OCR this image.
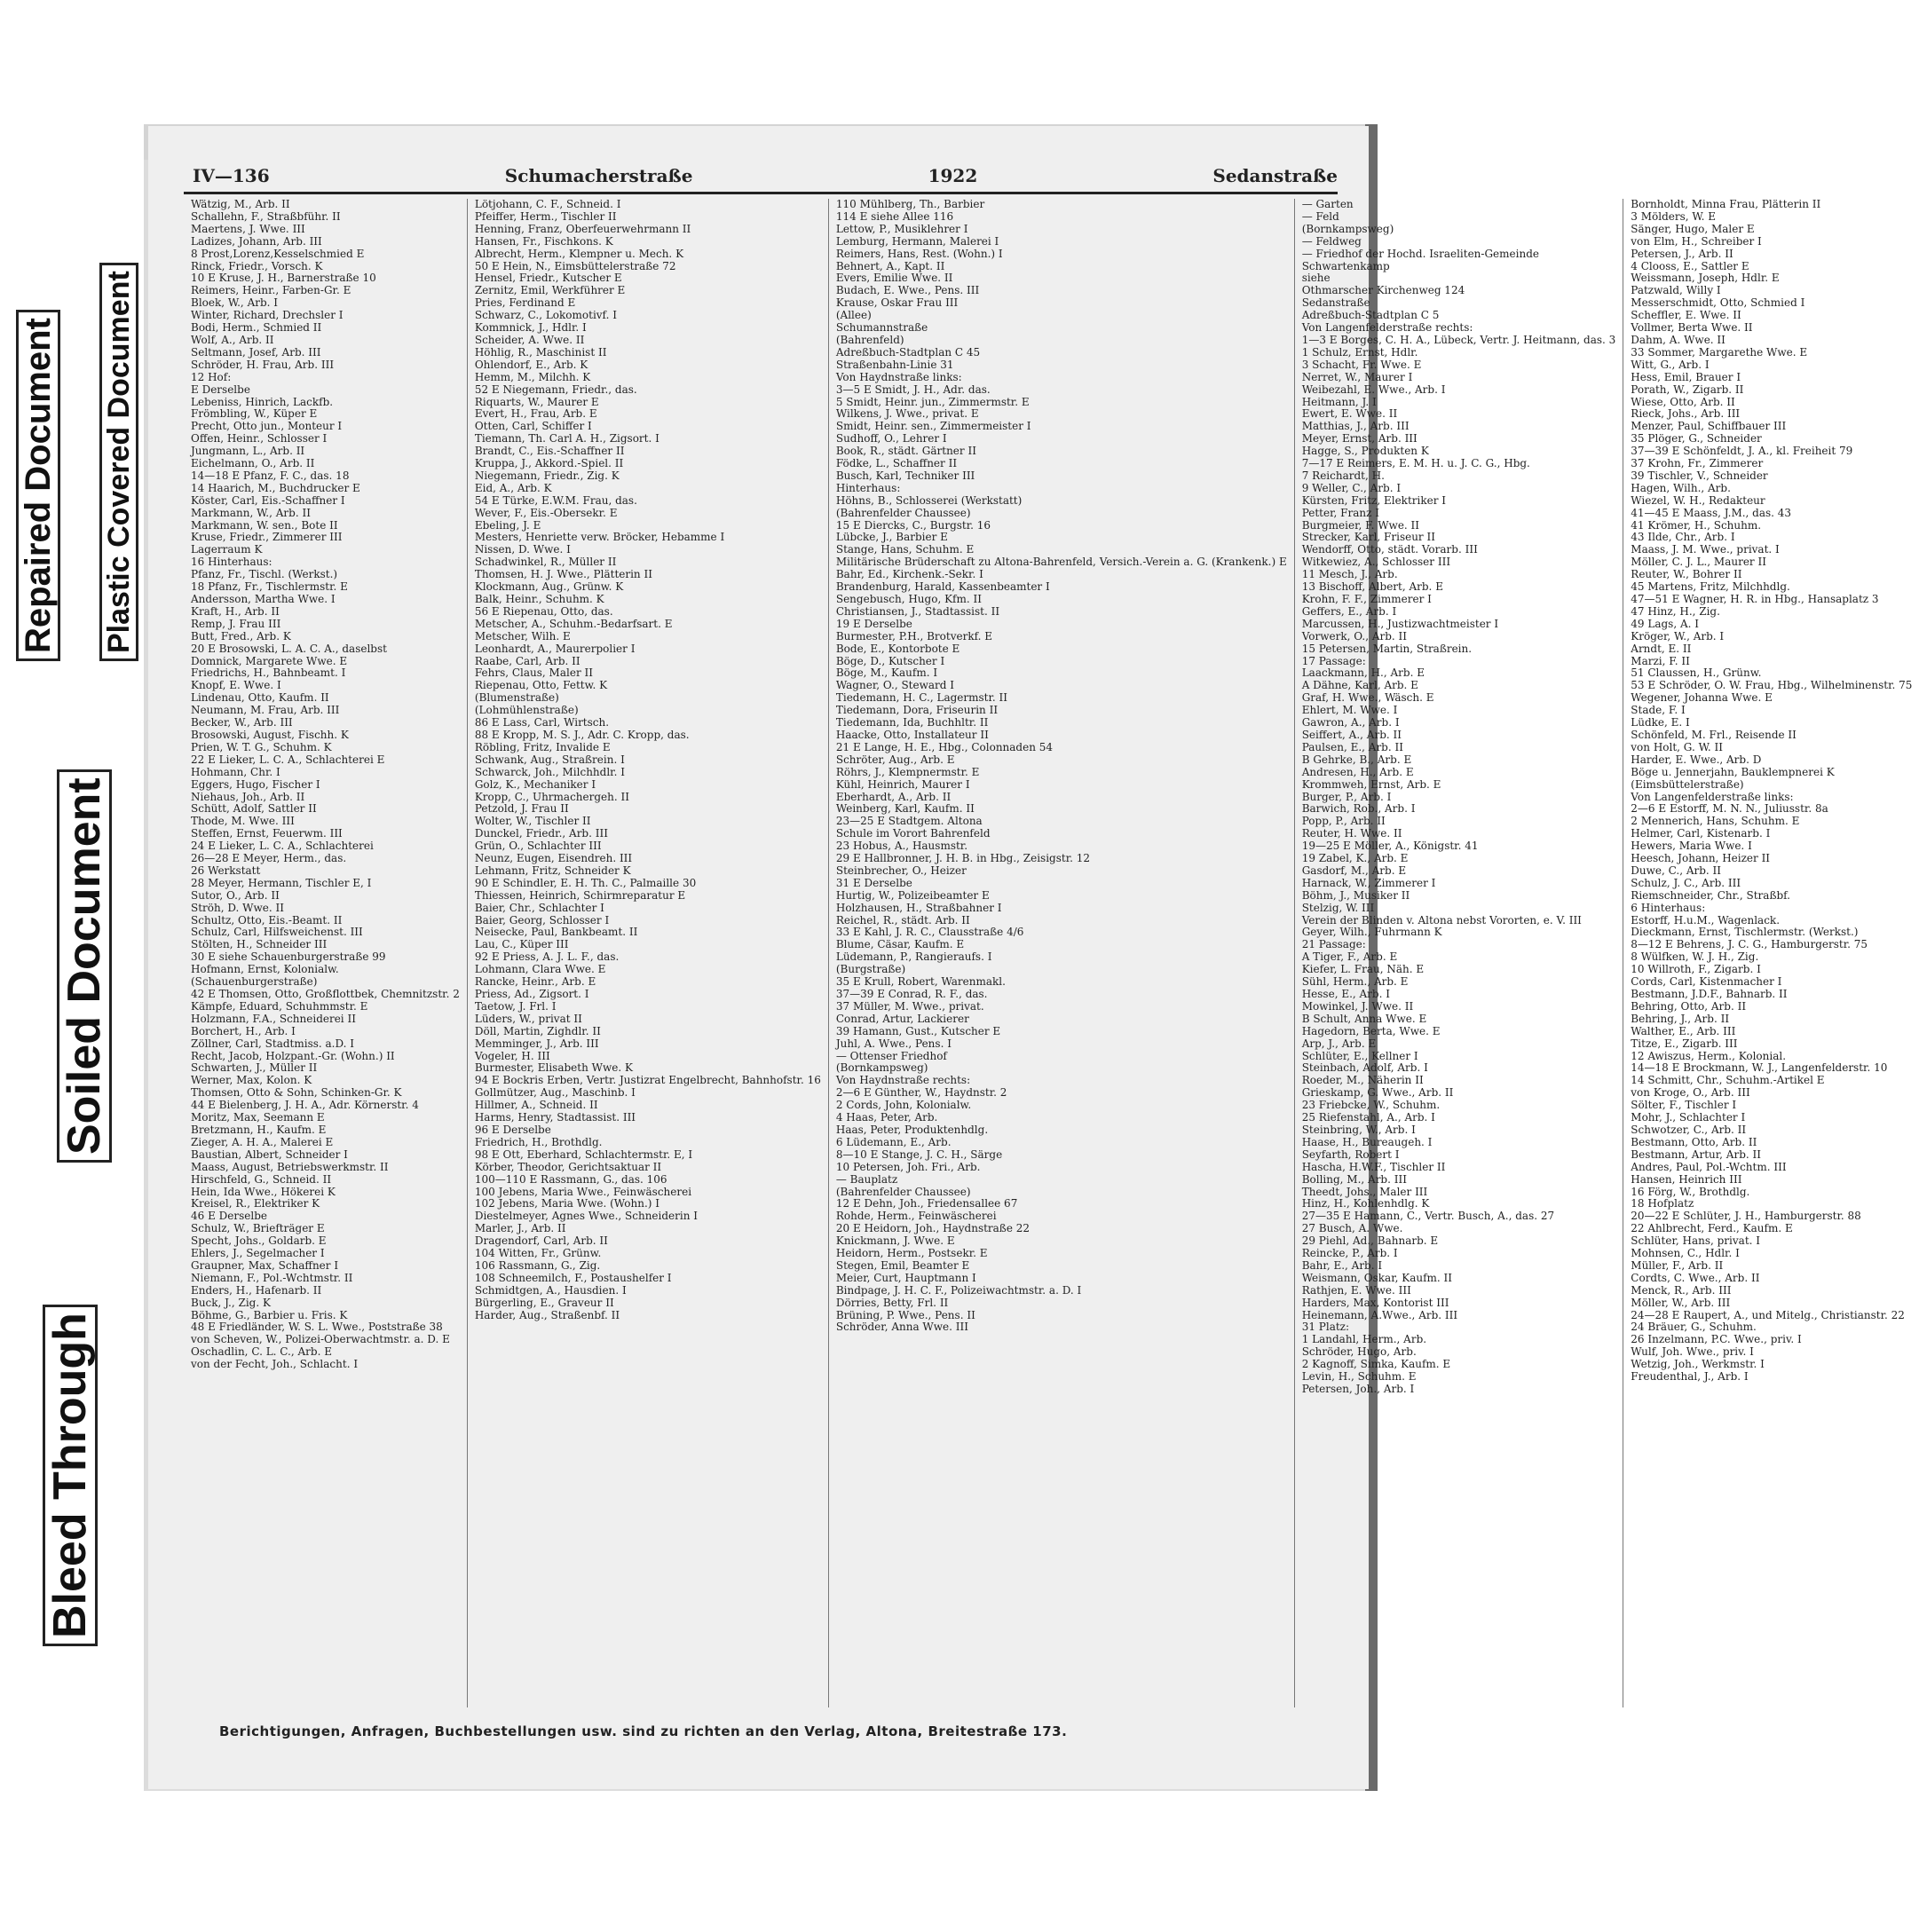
Repaired Document Plastic Covered Document
Soiled Document
Bleed Through
IV—136	Schumacherstraße	1922	Sedanstraße
Wätzig, M., Arb. II
Schallehn, F., Straßbführ. II
Maertens, J. Wwe. III
Ladizes, Johann, Arb. III
8 Prost,Lorenz,Kesselschmied E
Rinck, Friedr., Vorsch. K
10 E Kruse, J. H., Barnerstraße 10
Reimers, Heinr., Farben-Gr. E
Bloek, W., Arb. I
Winter, Richard, Drechsler I
Bodi, Herm., Schmied II
Wolf, A., Arb. II
Seltmann, Josef, Arb. III
Schröder, H. Frau, Arb. III
12 Hof:
E Derselbe
Lebeniss, Hinrich, Lackfb.
Frömbling, W., Küper E
Precht, Otto jun., Monteur I
Offen, Heinr., Schlosser I
Jungmann, L., Arb. II
Eichelmann, O., Arb. II
14—18 E Pfanz, F. C., das. 18
14 Haarich, M., Buchdrucker E
Köster, Carl, Eis.-Schaffner I
Markmann, W., Arb. II
Markmann, W. sen., Bote II
Kruse, Friedr., Zimmerer III
Lagerraum K
16 Hinterhaus:
Pfanz, Fr., Tischl. (Werkst.)
18 Pfanz, Fr., Tischlermstr. E
Andersson, Martha Wwe. I
Kraft, H., Arb. II
Remp, J. Frau III
Butt, Fred., Arb. K
20 E Brosowski, L. A. C. A., daselbst
Domnick, Margarete Wwe. E
Friedrichs, H., Bahnbeamt. I
Knopf, E. Wwe. I
Lindenau, Otto, Kaufm. II
Neumann, M. Frau, Arb. III
Becker, W., Arb. III
Brosowski, August, Fischh. K
Prien, W. T. G., Schuhm. K
22 E Lieker, L. C. A., Schlachterei E
Hohmann, Chr. I
Eggers, Hugo, Fischer I
Niehaus, Joh., Arb. II
Schütt, Adolf, Sattler II
Thode, M. Wwe. III
Steffen, Ernst, Feuerwm. III
24 E Lieker, L. C. A., Schlachterei
26—28 E Meyer, Herm., das.
26 Werkstatt
28 Meyer, Hermann, Tischler E, I
Sutor, O., Arb. II
Ströh, D. Wwe. II
Schultz, Otto, Eis.-Beamt. II
Schulz, Carl, Hilfsweichenst. III
Stölten, H., Schneider III
30 E siehe Schauenburgerstraße 99
Hofmann, Ernst, Kolonialw.
(Schauenburgerstraße)
42 E Thomsen, Otto, Großflottbek, Chemnitzstr. 2
Kämpfe, Eduard, Schuhmmstr. E
Holzmann, F.A., Schneiderei II
Borchert, H., Arb. I
Zöllner, Carl, Stadtmiss. a.D. I
Recht, Jacob, Holzpant.-Gr. (Wohn.) II
Schwarten, J., Müller II
Werner, Max, Kolon. K
Thomsen, Otto & Sohn, Schinken-Gr. K
44 E Bielenberg, J. H. A., Adr. Körnerstr. 4
Moritz, Max, Seemann E
Bretzmann, H., Kaufm. E
Zieger, A. H. A., Malerei E
Baustian, Albert, Schneider I
Maass, August, Betriebswerkmstr. II
Hirschfeld, G., Schneid. II
Hein, Ida Wwe., Hökerei K
Kreisel, R., Elektriker K
46 E Derselbe
Schulz, W., Briefträger E
Specht, Johs., Goldarb. E
Ehlers, J., Segelmacher I
Graupner, Max, Schaffner I
Niemann, F., Pol.-Wchtmstr. II
Enders, H., Hafenarb. II
Buck, J., Zig. K
Böhme, G., Barbier u. Fris. K
48 E Friedländer, W. S. L. Wwe., Poststraße 38
von Scheven, W., Polizei-Oberwachtmstr. a. D. E
Oschadlin, C. L. C., Arb. E
von der Fecht, Joh., Schlacht. I
Lötjohann, C. F., Schneid. I
Pfeiffer, Herm., Tischler II
Henning, Franz, Oberfeuerwehrmann II
Hansen, Fr., Fischkons. K
Albrecht, Herm., Klempner u. Mech. K
50 E Hein, N., Eimsbüttelerstraße 72
Hensel, Friedr., Kutscher E
Zernitz, Emil, Werkführer E
Pries, Ferdinand E
Schwarz, C., Lokomotivf. I
Kommnick, J., Hdlr. I
Scheider, A. Wwe. II
Höhlig, R., Maschinist II
Ohlendorf, E., Arb. K
Hemm, M., Milchh. K
52 E Niegemann, Friedr., das.
Riquarts, W., Maurer E
Evert, H., Frau, Arb. E
Otten, Carl, Schiffer I
Tiemann, Th. Carl A. H., Zigsort. I
Brandt, C., Eis.-Schaffner II
Kruppa, J., Akkord.-Spiel. II
Niegemann, Friedr., Zig. K
Eid, A., Arb. K
54 E Türke, E.W.M. Frau, das.
Wever, F., Eis.-Obersekr. E
Ebeling, J. E
Mesters, Henriette verw. Bröcker, Hebamme I
Nissen, D. Wwe. I
Schadwinkel, R., Müller II
Thomsen, H. J. Wwe., Plätterin II
Klockmann, Aug., Grünw. K
Balk, Heinr., Schuhm. K
56 E Riepenau, Otto, das.
Metscher, A., Schuhm.-Bedarfsart. E
Metscher, Wilh. E
Leonhardt, A., Maurerpolier I
Raabe, Carl, Arb. II
Fehrs, Claus, Maler II
Riepenau, Otto, Fettw. K
(Blumenstraße)
(Lohmühlenstraße)
86 E Lass, Carl, Wirtsch.
88 E Kropp, M. S. J., Adr. C. Kropp, das.
Röbling, Fritz, Invalide E
Schwank, Aug., Straßrein. I
Schwarck, Joh., Milchhdlr. I
Golz, K., Mechaniker I
Kropp, C., Uhrmachergeh. II
Petzold, J. Frau II
Wolter, W., Tischler II
Dunckel, Friedr., Arb. III
Grün, O., Schlachter III
Neunz, Eugen, Eisendreh. III
Lehmann, Fritz, Schneider K
90 E Schindler, E. H. Th. C., Palmaille 30
Thiessen, Heinrich, Schirmreparatur E
Baier, Chr., Schlachter I
Baier, Georg, Schlosser I
Neisecke, Paul, Bankbeamt. II
Lau, C., Küper III
92 E Priess, A. J. L. F., das.
Lohmann, Clara Wwe. E
Rancke, Heinr., Arb. E
Priess, Ad., Zigsort. I
Taetow, J. Frl. I
Lüders, W., privat II
Döll, Martin, Zighdlr. II
Memminger, J., Arb. III
Vogeler, H. III
Burmester, Elisabeth Wwe. K
94 E Bockris Erben, Vertr. Justizrat Engelbrecht, Bahnhofstr. 16
Gollmützer, Aug., Maschinb. I
Hillmer, A., Schneid. II
Harms, Henry, Stadtassist. III
96 E Derselbe
Friedrich, H., Brothdlg.
98 E Ott, Eberhard, Schlachtermstr. E, I
Körber, Theodor, Gerichtsaktuar II
100—110 E Rassmann, G., das. 106
100 Jebens, Maria Wwe., Feinwäscherei
102 Jebens, Maria Wwe. (Wohn.) I
Diestelmeyer, Agnes Wwe., Schneiderin I
Marler, J., Arb. II
Dragendorf, Carl, Arb. II
104 Witten, Fr., Grünw.
106 Rassmann, G., Zig.
108 Schneemilch, F., Postaushelfer I
Schmidtgen, A., Hausdien. I
Bürgerling, E., Graveur II
Harder, Aug., Straßenbf. II
110 Mühlberg, Th., Barbier
114 E siehe Allee 116
Lettow, P., Musiklehrer I
Lemburg, Hermann, Malerei I
Reimers, Hans, Rest. (Wohn.) I
Behnert, A., Kapt. II
Evers, Emilie Wwe. II
Budach, E. Wwe., Pens. III
Krause, Oskar Frau III
(Allee)
Schumannstraße
(Bahrenfeld)
Adreßbuch-Stadtplan C 45
Straßenbahn-Linie 31
Von Haydnstraße links:
3—5 E Smidt, J. H., Adr. das.
5 Smidt, Heinr. jun., Zimmermstr. E
Wilkens, J. Wwe., privat. E
Smidt, Heinr. sen., Zimmermeister I
Sudhoff, O., Lehrer I
Book, R., städt. Gärtner II
Födke, L., Schaffner II
Busch, Karl, Techniker III
Hinterhaus:
Höhns, B., Schlosserei (Werkstatt)
(Bahrenfelder Chaussee)
15 E Diercks, C., Burgstr. 16
Lübcke, J., Barbier E
Stange, Hans, Schuhm. E
Militärische Brüderschaft zu Altona-Bahrenfeld, Versich.-Verein a. G. (Krankenk.) E
Bahr, Ed., Kirchenk.-Sekr. I
Brandenburg, Harald, Kassenbeamter I
Sengebusch, Hugo, Kfm. II
Christiansen, J., Stadtassist. II
19 E Derselbe
Burmester, P.H., Brotverkf. E
Bode, E., Kontorbote E
Böge, D., Kutscher I
Böge, M., Kaufm. I
Wagner, O., Steward I
Tiedemann, H. C., Lagermstr. II
Tiedemann, Dora, Friseurin II
Tiedemann, Ida, Buchhltr. II
Haacke, Otto, Installateur II
21 E Lange, H. E., Hbg., Colonnaden 54
Schröter, Aug., Arb. E
Röhrs, J., Klempnermstr. E
Kühl, Heinrich, Maurer I
Eberhardt, A., Arb. II
Weinberg, Karl, Kaufm. II
23—25 E Stadtgem. Altona
Schule im Vorort Bahrenfeld
23 Hobus, A., Hausmstr.
29 E Hallbronner, J. H. B. in Hbg., Zeisigstr. 12
Steinbrecher, O., Heizer
31 E Derselbe
Hurtig, W., Polizeibeamter E
Holzhausen, H., Straßbahner I
Reichel, R., städt. Arb. II
33 E Kahl, J. R. C., Clausstraße 4/6
Blume, Cäsar, Kaufm. E
Lüdemann, P., Rangieraufs. I
(Burgstraße)
35 E Krull, Robert, Warenmakl.
37—39 E Conrad, R. F., das.
37 Müller, M. Wwe., privat.
Conrad, Artur, Lackierer
39 Hamann, Gust., Kutscher E
Juhl, A. Wwe., Pens. I
— Ottenser Friedhof
(Bornkampsweg)
Von Haydnstraße rechts:
2—6 E Günther, W., Haydnstr. 2
2 Cords, John, Kolonialw.
4 Haas, Peter, Arb.
Haas, Peter, Produktenhdlg.
6 Lüdemann, E., Arb.
8—10 E Stange, J. C. H., Särge
10 Petersen, Joh. Fri., Arb.
— Bauplatz
(Bahrenfelder Chaussee)
12 E Dehn, Joh., Friedensallee 67
Rohde, Herm., Feinwäscherei
20 E Heidorn, Joh., Haydnstraße 22
Knickmann, J. Wwe. E
Heidorn, Herm., Postsekr. E
Stegen, Emil, Beamter E
Meier, Curt, Hauptmann I
Bindpage, J. H. C. F., Polizeiwachtmstr. a. D. I
Dörries, Betty, Frl. II
Brüning, P. Wwe., Pens. II
Schröder, Anna Wwe. III
— Garten
— Feld
(Bornkampsweg)
— Feldweg
— Friedhof der Hochd. Israeliten-Gemeinde
Schwartenkamp
siehe
Othmarscher Kirchenweg 124
Sedanstraße
Adreßbuch-Stadtplan C 5
Von Langenfelderstraße rechts:
1—3 E Borges, C. H. A., Lübeck, Vertr. J. Heitmann, das. 3
1 Schulz, Ernst, Hdlr.
3 Schacht, Fr. Wwe. E
Nerret, W., Maurer I
Weibezahl, E. Wwe., Arb. I
Heitmann, J. I
Ewert, E. Wwe. II
Matthias, J., Arb. III
Meyer, Ernst, Arb. III
Hagge, S., Produkten K
7—17 E Reimers, E. M. H. u. J. C. G., Hbg.
7 Reichardt, H.
9 Weller, C., Arb. I
Kürsten, Fritz, Elektriker I
Petter, Franz I
Burgmeier, F. Wwe. II
Strecker, Karl, Friseur II
Wendorff, Otto, städt. Vorarb. III
Witkewiez, A., Schlosser III
11 Mesch, J., Arb.
13 Bischoff, Albert, Arb. E
Krohn, F. F., Zimmerer I
Geffers, E., Arb. I
Marcussen, H., Justizwachtmeister I
Vorwerk, O., Arb. II
15 Petersen, Martin, Straßrein.
17 Passage:
Laackmann, H., Arb. E
A Dähne, Karl, Arb. E
Graf, H. Wwe., Wäsch. E
Ehlert, M. Wwe. I
Gawron, A., Arb. I
Seiffert, A., Arb. II
Paulsen, E., Arb. II
B Gehrke, B., Arb. E
Andresen, H., Arb. E
Krommweh, Ernst, Arb. E
Burger, P., Arb. I
Barwich, Rob., Arb. I
Popp, P., Arb. II
Reuter, H. Wwe. II
19—25 E Möller, A., Königstr. 41
19 Zabel, K., Arb. E
Gasdorf, M., Arb. E
Harnack, W., Zimmerer I
Böhm, J., Musiker II
Stelzig, W. III
Verein der Blinden v. Altona nebst Vororten, e. V. III
Geyer, Wilh., Fuhrmann K
21 Passage:
A Tiger, F., Arb. E
Kiefer, L. Frau, Näh. E
Sühl, Herm., Arb. E
Hesse, E., Arb. I
Mowinkel, J. Wwe. II
B Schult, Anna Wwe. E
Hagedorn, Berta, Wwe. E
Arp, J., Arb. E
Schlüter, E., Kellner I
Steinbach, Adolf, Arb. I
Roeder, M., Näherin II
Grieskamp, G. Wwe., Arb. II
23 Friebcke, W., Schuhm.
25 Riefenstahl, A., Arb. I
Steinbring, W., Arb. I
Haase, H., Bureaugeh. I
Seyfarth, Robert I
Hascha, H.W.F., Tischler II
Bolling, M., Arb. III
Theedt, Johs., Maler III
Hinz, H., Kohlenhdlg. K
27—35 E Hamann, C., Vertr. Busch, A., das. 27
27 Busch, A. Wwe.
29 Piehl, Ad., Bahnarb. E
Reincke, P., Arb. I
Bahr, E., Arb. I
Weismann, Oskar, Kaufm. II
Rathjen, E. Wwe. III
Harders, Max, Kontorist III
Heinemann, A.Wwe., Arb. III
31 Platz:
1 Landahl, Herm., Arb.
Schröder, Hugo, Arb.
2 Kagnoff, Simka, Kaufm. E
Levin, H., Schuhm. E
Petersen, Joh., Arb. I
Bornholdt, Minna Frau, Plätterin II
3 Mölders, W. E
Sänger, Hugo, Maler E
von Elm, H., Schreiber I
Petersen, J., Arb. II
4 Clooss, E., Sattler E
Weissmann, Joseph, Hdlr. E
Patzwald, Willy I
Messerschmidt, Otto, Schmied I
Scheffler, E. Wwe. II
Vollmer, Berta Wwe. II
Dahm, A. Wwe. II
33 Sommer, Margarethe Wwe. E
Witt, G., Arb. I
Hess, Emil, Brauer I
Porath, W., Zigarb. II
Wiese, Otto, Arb. II
Rieck, Johs., Arb. III
Menzer, Paul, Schiffbauer III
35 Plöger, G., Schneider
37—39 E Schönfeldt, J. A., kl. Freiheit 79
37 Krohn, Fr., Zimmerer
39 Tischler, V., Schneider
Hagen, Wilh., Arb.
Wiezel, W. H., Redakteur
41—45 E Maass, J.M., das. 43
41 Krömer, H., Schuhm.
43 Ilde, Chr., Arb. I
Maass, J. M. Wwe., privat. I
Möller, C. J. L., Maurer II
Reuter, W., Bohrer II
45 Martens, Fritz, Milchhdlg.
47—51 E Wagner, H. R. in Hbg., Hansaplatz 3
47 Hinz, H., Zig.
49 Lags, A. I
Kröger, W., Arb. I
Arndt, E. II
Marzi, F. II
51 Claussen, H., Grünw.
53 E Schröder, O. W. Frau, Hbg., Wilhelminenstr. 75
Wegener, Johanna Wwe. E
Stade, F. I
Lüdke, E. I
Schönfeld, M. Frl., Reisende II
von Holt, G. W. II
Harder, E. Wwe., Arb. D
Böge u. Jennerjahn, Bauklempnerei K
(Eimsbüttelerstraße)
Von Langenfelderstraße links:
2—6 E Estorff, M. N. N., Juliusstr. 8a
2 Mennerich, Hans, Schuhm. E
Helmer, Carl, Kistenarb. I
Hewers, Maria Wwe. I
Heesch, Johann, Heizer II
Duwe, C., Arb. II
Schulz, J. C., Arb. III
Riemschneider, Chr., Straßbf.
6 Hinterhaus:
Estorff, H.u.M., Wagenlack.
Dieckmann, Ernst, Tischlermstr. (Werkst.)
8—12 E Behrens, J. C. G., Hamburgerstr. 75
8 Wülfken, W. J. H., Zig.
10 Willroth, F., Zigarb. I
Cords, Carl, Kistenmacher I
Bestmann, J.D.F., Bahnarb. II
Behring, Otto, Arb. II
Behring, J., Arb. II
Walther, E., Arb. III
Titze, E., Zigarb. III
12 Awiszus, Herm., Kolonial.
14—18 E Brockmann, W. J., Langenfelderstr. 10
14 Schmitt, Chr., Schuhm.-Artikel E
von Kroge, O., Arb. III
Sölter, F., Tischler I
Mohr, J., Schlachter I
Schwotzer, C., Arb. II
Bestmann, Otto, Arb. II
Bestmann, Artur, Arb. II
Andres, Paul, Pol.-Wchtm. III
Hansen, Heinrich III
16 Förg, W., Brothdlg.
18 Hofplatz
20—22 E Schlüter, J. H., Hamburgerstr. 88
22 Ahlbrecht, Ferd., Kaufm. E
Schlüter, Hans, privat. I
Mohnsen, C., Hdlr. I
Müller, F., Arb. II
Cordts, C. Wwe., Arb. II
Menck, R., Arb. III
Möller, W., Arb. III
24—28 E Raupert, A., und Mitelg., Christianstr. 22
24 Bräuer, G., Schuhm.
26 Inzelmann, P.C. Wwe., priv. I
Wulf, Joh. Wwe., priv. I
Wetzig, Joh., Werkmstr. I
Freudenthal, J., Arb. I
Berichtigungen, Anfragen, Buchbestellungen usw. sind zu richten an den Verlag, Altona, Breitestraße 173.
